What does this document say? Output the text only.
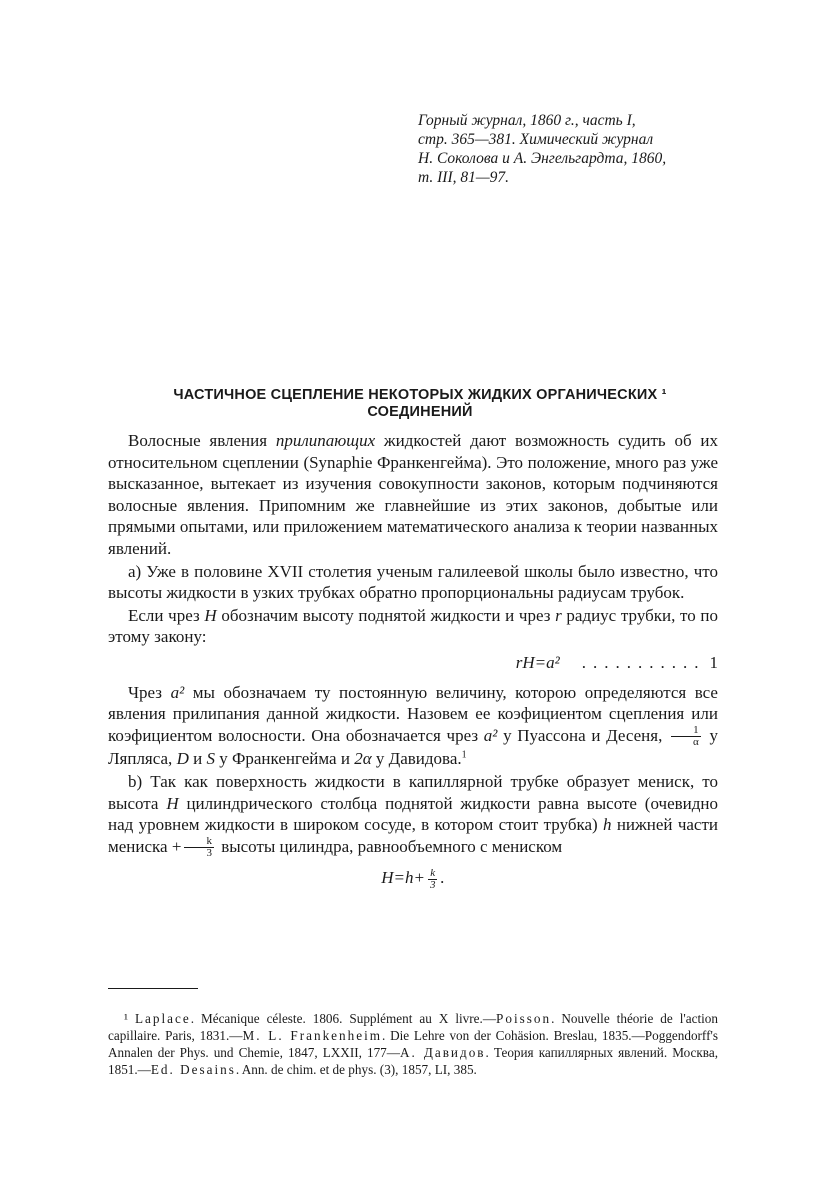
Горный журнал, 1860 г., часть I,
стр. 365—381. Химический журнал
Н. Соколова и А. Энгельгардта, 1860,
т. III, 81—97.
ЧАСТИЧНОЕ СЦЕПЛЕНИЕ НЕКОТОРЫХ ЖИДКИХ ОРГАНИЧЕСКИХ ¹
СОЕДИНЕНИЙ

Волосные явления прилипающих жидкостей дают возможность судить об их относительном сцеплении (Synaphie Франкенгейма). Это положение, много раз уже высказанное, вытекает из изучения совокупности законов, которым подчиняются волосные явления. Припомним же главнейшие из этих законов, добытые или прямыми опытами, или приложением математического анализа к теории названных явлений.

а) Уже в половине XVII столетия ученым галилеевой школы было известно, что высоты жидкости в узких трубках обратно пропорциональны радиусам трубок.

Если чрез H обозначим высоту поднятой жидкости и чрез r радиус трубки, то по этому закону:

rH=a² ........... 1

Чрез a² мы обозначаем ту постоянную величину, которою определяются все явления прилипания данной жидкости. Назовем ее коэфициентом сцепления или коэфициентом волосности. Она обозначается чрез a² у Пуассона и Десеня, $\frac{1}{\alpha}$ у Ляпляса, D и S у Франкенгейма и 2α у Давидова.$^1$

b) Так как поверхность жидкости в капиллярной трубке образует мениск, то высота H цилиндрического столбца поднятой жидкости равна высоте (очевидно над уровнем жидкости в широком сосуде, в котором стоит трубка) h нижней части мениска + $\frac{k}{3}$ высоты цилиндра, равнообъемного с мениском

$H=h+ \frac{k}{3}$ .
¹ Laplace. Mécanique céleste. 1806. Supplément au X livre.—Poisson. Nouvelle théorie de l'action capillaire. Paris, 1831.—M. L. Frankenheim. Die Lehre von der Cohäsion. Breslau, 1835.—Poggendorff's Annalen der Phys. und Chemie, 1847, LXXII, 177—А. Давидов. Теория капиллярных явлений. Москва, 1851.—Ed. Desains. Ann. de chim. et de phys. (3), 1857, LI, 385.
